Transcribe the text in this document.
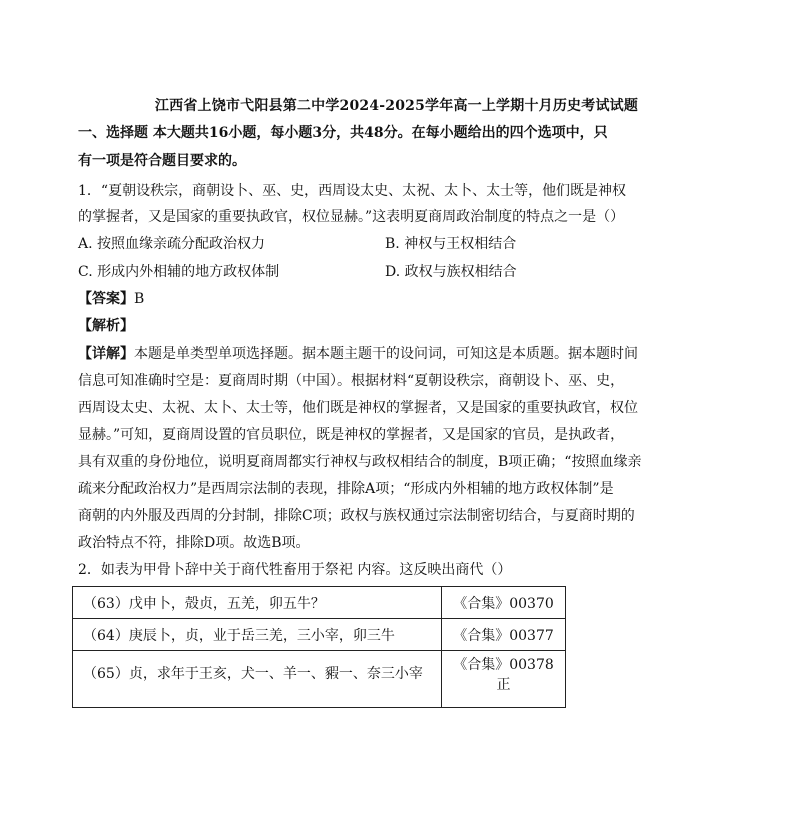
江西省上饶市弋阳县第二中学2024-2025学年高一上学期十月历史考试试题
一、选择题 本大题共16小题，每小题3分，共48分。在每小题给出的四个选项中，只
有一项是符合题目要求的。
1．“夏朝设秩宗，商朝设卜、巫、史，西周设太史、太祝、太卜、太士等，他们既是神权
的掌握者，又是国家的重要执政官，权位显赫。”这表明夏商周政治制度的特点之一是（）
A. 按照血缘亲疏分配政治权力	B. 神权与王权相结合
C. 形成内外相辅的地方政权体制	D. 政权与族权相结合
【答案】B
【解析】
【详解】本题是单类型单项选择题。据本题主题干的设问词，可知这是本质题。据本题时间
信息可知准确时空是：夏商周时期（中国）。根据材料“夏朝设秩宗，商朝设卜、巫、史，
西周设太史、太祝、太卜、太士等，他们既是神权的掌握者，又是国家的重要执政官，权位
显赫。”可知，夏商周设置的官员职位，既是神权的掌握者，又是国家的官员，是执政者，
具有双重的身份地位，说明夏商周都实行神权与政权相结合的制度，B项正确；“按照血缘亲
疏来分配政治权力”是西周宗法制的表现，排除A项；“形成内外相辅的地方政权体制”是
商朝的内外服及西周的分封制，排除C项；政权与族权通过宗法制密切结合，与夏商时期的
政治特点不符，排除D项。故选B项。
2．如表为甲骨卜辞中关于商代牲畜用于祭祀 内容。这反映出商代（）
（63）戊申卜，殻贞，五羌，卯五牛？	《合集》00370
（64）庚辰卜，贞，业于岳三羌，三小宰，卯三牛	《合集》00377
（65）贞，求年于王亥，犬一、羊一、豭一、奈三小宰	《合集》00378 正
